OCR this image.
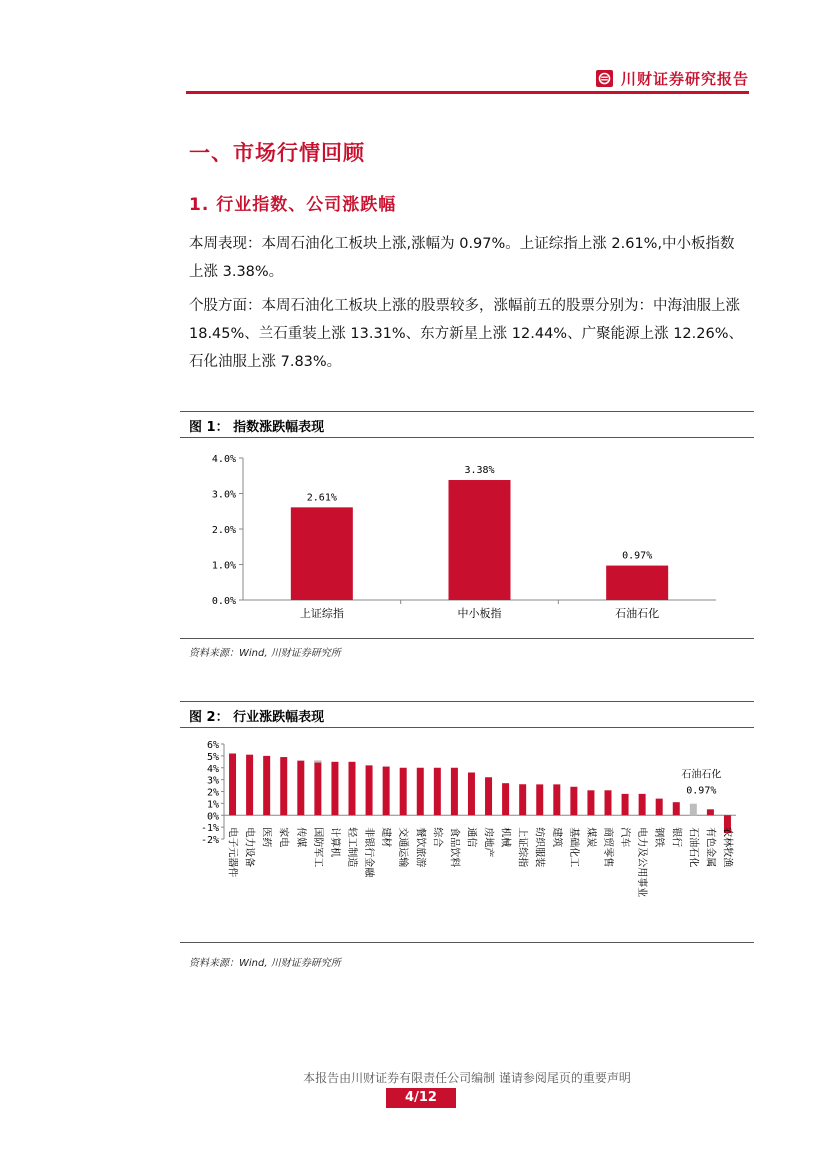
川财证券研究报告
一、市场行情回顾
1. 行业指数、公司涨跌幅
本周表现：本周石油化工板块上涨,涨幅为 0.97%。上证综指上涨 2.61%,中小板指数上涨 3.38%。
个股方面：本周石油化工板块上涨的股票较多，涨幅前五的股票分别为：中海油服上涨 18.45%、兰石重装上涨 13.31%、东方新星上涨 12.44%、广聚能源上涨 12.26%、石化油服上涨 7.83%。
图 1： 指数涨跌幅表现
0.0%
1.0%
2.0%
3.0%
4.0%
2.61%
上证综指
3.38%
中小板指
0.97%
石油石化
资料来源：Wind, 川财证券研究所
图 2： 行业涨跌幅表现
-2%
-1%
0%
1%
2%
3%
4%
5%
6%
电子元器件 电力设备 医药 家电 传媒 国防军工 计算机 轻工制造 非银行金融 建材 交通运输 餐饮旅游 综合 食品饮料 通信 房地产 机械 上证综指 纺织服装 建筑 基础化工 煤炭 商贸零售 汽车 电力及公用事业 钢铁 银行 石油石化 有色金属 农林牧渔
石油石化
0.97%
资料来源：Wind, 川财证券研究所
本报告由川财证券有限责任公司编制 谨请参阅尾页的重要声明
4/12
